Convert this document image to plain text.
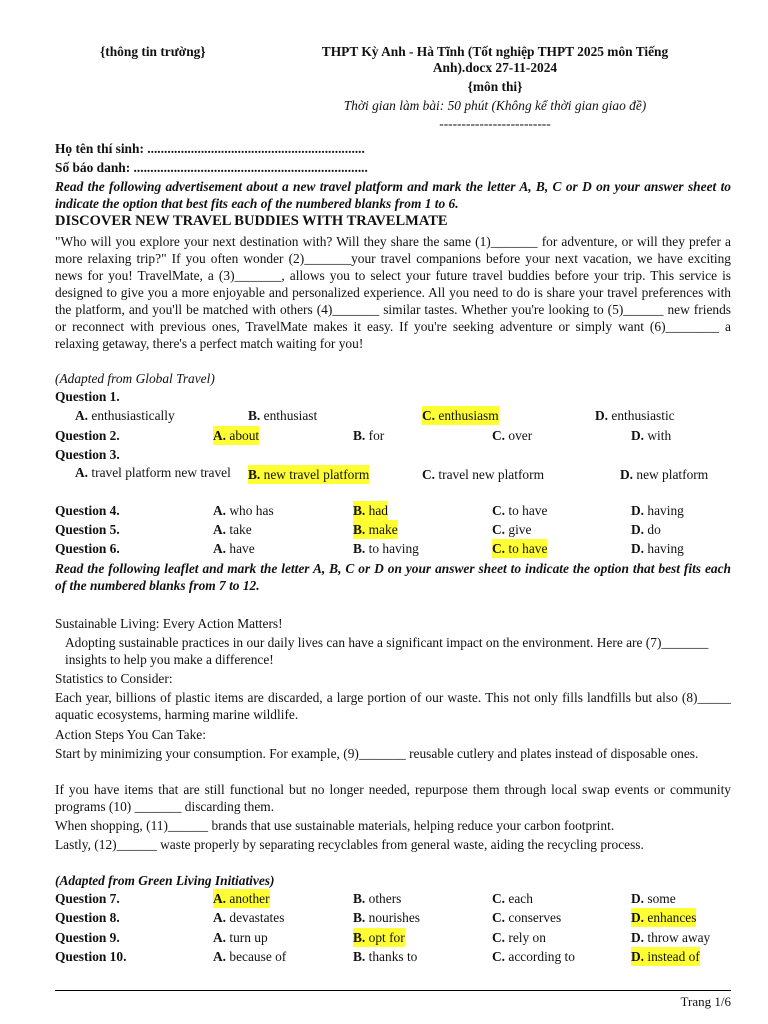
{thông tin trường}	THPT Kỳ Anh - Hà Tĩnh (Tốt nghiệp THPT 2025 môn Tiếng
Anh).docx 27-11-2024
{môn thi}
Thời gian làm bài: 50 phút (Không kể thời gian giao đề)
-------------------------
Họ tên thí sinh: .................................................................
Số báo danh: ......................................................................
Read the following advertisement about a new travel platform and mark the letter A, B, C or D on your answer sheet to indicate the option that best fits each of the numbered blanks from 1 to 6.
DISCOVER NEW TRAVEL BUDDIES WITH TRAVELMATE
"Who will you explore your next destination with? Will they share the same (1)_______ for adventure, or will they prefer a more relaxing trip?" If you often wonder (2)_______your travel companions before your next vacation, we have exciting news for you! TravelMate, a (3)_______, allows you to select your future travel buddies before your trip. This service is designed to give you a more enjoyable and personalized experience. All you need to do is share your travel preferences with the platform, and you'll be matched with others (4)_______ similar tastes. Whether you're looking to (5)______ new friends or reconnect with previous ones, TravelMate makes it easy. If you're seeking adventure or simply want (6)________ a relaxing getaway, there's a perfect match waiting for you!
(Adapted from Global Travel)
Question 1.
A. enthusiastically	B. enthusiast	C. enthusiasm	D. enthusiastic
Question 2.	A. about	B. for	C. over	D. with
Question 3.
A. travel platform new travel	B. new travel platform	C. travel new platform	D. new platform
Question 4.	A. who has	B. had	C. to have	D. having
Question 5.	A. take	B. make	C. give	D. do
Question 6.	A. have	B. to having	C. to have	D. having
Read the following leaflet and mark the letter A, B, C or D on your answer sheet to indicate the option that best fits each of the numbered blanks from 7 to 12.
Sustainable Living: Every Action Matters!
Adopting sustainable practices in our daily lives can have a significant impact on the environment. Here are (7)_______ insights to help you make a difference!
Statistics to Consider:
Each year, billions of plastic items are discarded, a large portion of our waste. This not only fills landfills but also (8)_____ aquatic ecosystems, harming marine wildlife.
Action Steps You Can Take:
Start by minimizing your consumption. For example, (9)_______ reusable cutlery and plates instead of disposable ones.
If you have items that are still functional but no longer needed, repurpose them through local swap events or community programs (10) _______ discarding them.
When shopping, (11)______ brands that use sustainable materials, helping reduce your carbon footprint.
Lastly, (12)______ waste properly by separating recyclables from general waste, aiding the recycling process.
(Adapted from Green Living Initiatives)
Question 7.	A. another	B. others	C. each	D. some
Question 8.	A. devastates	B. nourishes	C. conserves	D. enhances
Question 9.	A. turn up	B. opt for	C. rely on	D. throw away
Question 10.	A. because of	B. thanks to	C. according to	D. instead of
Trang 1/6
